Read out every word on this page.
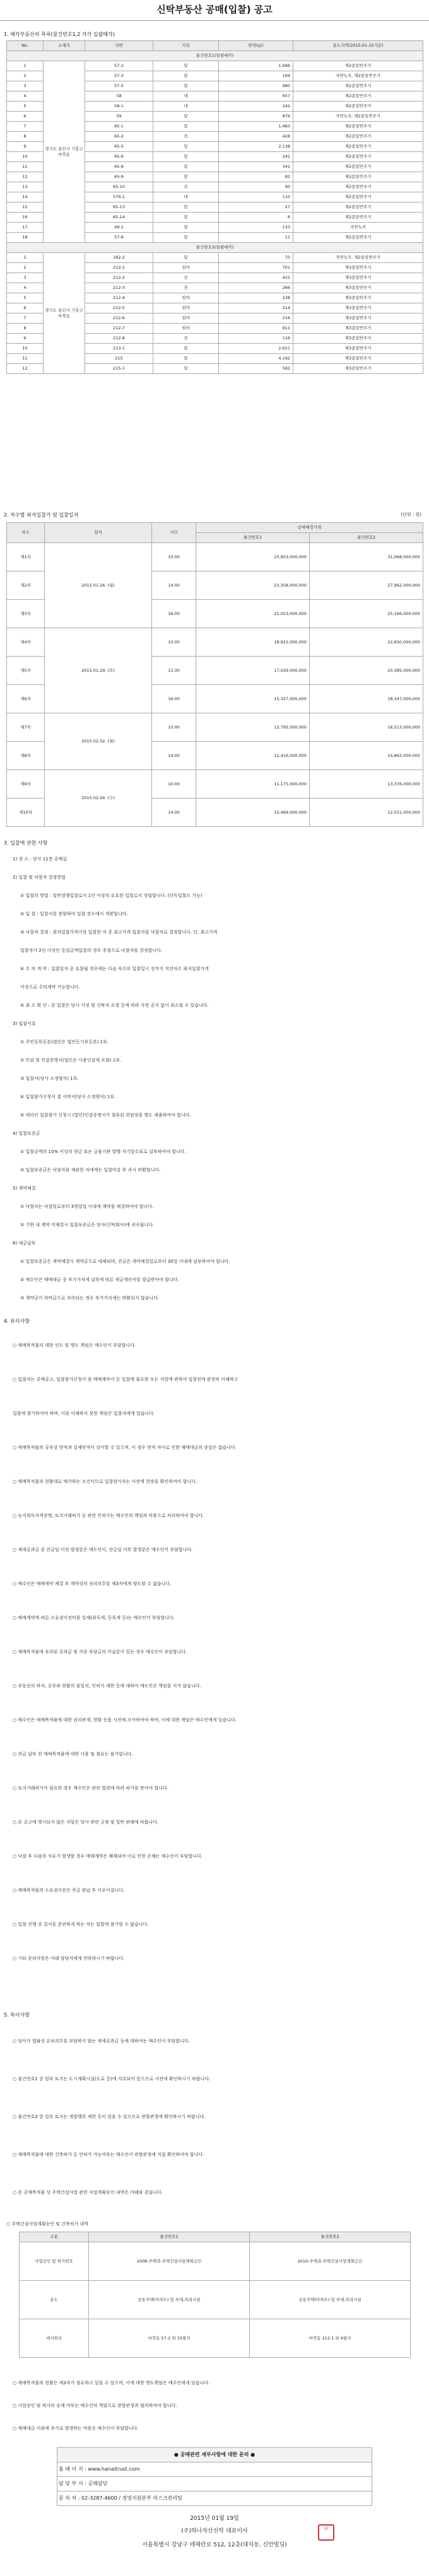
신탁부동산 공매(입찰) 공고
1. 매각부동산의 목록(물건번호1,2 각각 일괄매각)
No.	소재지	지번	지목	면적(㎡)	용도지역(2015.01.15기준)
물건번호1(일괄매각)					
1	경기도 용인시 기흥구 마북동	57-2	답	1,696	제2종일반주거
2		57-3	답	194	자연녹지, 제2종일반주거
3		57-5	답	980	제2종일반주거
4		58	대	657	제2종일반주거
5		58-1	대	242	제2종일반주거
6		59	답	876	자연녹지, 제2종일반주거
7		65-1	답	1,483	제2종일반주거
8		65-2	전	428	제2종일반주거
9		65-5	답	2,138	제2종일반주거
10		65-6	답	241	제2종일반주거
11		65-8	답	341	제2종일반주거
12		65-9	답	82	제2종일반주거
13		65-10	전	90	제2종일반주거
14		576-1	대	110	제2종일반주거
15		65-13	답	27	제2종일반주거
16		65-14	답	8	제2종일반주거
17		49-1	답	133	자연녹지
18		57-6	답	11	제2종일반주거
물건번호2(일괄매각)					
1	경기도 용인시 기흥구 마북동	182-2	답	70	자연녹지, 제2종일반주거
2		212-1	임야	701	제3종일반주거
3		212-2	전	415	제3종일반주거
4		212-3	전	266	제3종일반주거
5		212-4	임야	238	제3종일반주거
6		212-5	임야	314	제3종일반주거
7		212-6	임야	216	제3종일반주거
8		212-7	임야	911	제3종일반주거
9		212-8	전	116	제3종일반주거
10		213-1	답	2,621	제3종일반주거
11		215	답	4,192	제3종일반주거
12		215-1	답	582	제3종일반주거
2. 차수별 최저입찰가 및 입찰일자	(단위 : 원)
차수	일자	시간	공매예정가격	
			물건번호1	물건번호2
제1차	2015.01.26. (월)	10:00	25,953,000,000	31,068,000,000
제2차		14:00	23,358,000,000	27,962,000,000
제3차		16:00	21,023,000,000	25,166,000,000
제4차	2015.01.29. (목)	10:00	18,921,000,000	22,650,000,000
제5차		13:30	17,029,000,000	20,385,000,000
제6차		16:00	15,327,000,000	18,347,000,000
제7차	2015.02.02. (월)	10:00	13,795,000,000	16,513,000,000
제8차		14:00	12,416,000,000	14,862,000,000
제9차	2015.02.04. (수)	10:00	11,175,000,000	13,376,000,000
제10차		14:00	10,469,000,000	12,531,000,000
3. 입찰에 관한 사항

1) 장 소 : 당사 11층 공매실

2) 입찰 및 낙찰자 결정방법

① 입찰의 방법 : 일반경쟁입찰로서 1인 이상의 유효한 입찰로서 성립합니다. (단독입찰도 가능)

② 입 찰 : 입찰서를 봉함하여 입찰 장소에서 개봉합니다.

③ 낙찰자 결정 : 최저입찰가격이상 입찰한 자 중 최고가격 입찰자를 낙찰자로 결정합니다. 단, 최고가격

입찰자가 2인 이상인 동일금액입찰의 경우 추첨으로 낙찰자를 결정합니다.

④ 수 의 계 약 : 입찰일자 중 유찰될 경우에는 다음 차수의 입찰일시 전까지 직전차수 최저입찰가격

이상으로 수의계약 가능합니다.

⑤ 최 소 확 인 : 본 입찰은 당사 사정 및 신탁자 요청 등에 따라 사전 공지 없이 취소될 수 있습니다.

3) 입찰서류

① 주민등록등본(법인은 법인등기부등본) 1부.

② 인감 및 인감증명서(법인은 사용인감계 포함) 1부.

③ 입찰서(당사 소정양식) 1부.

④ 입찰참가신청서 겸 서약서(당사 소정양식) 1부.

⑤ 대리인 입찰참가 신청시 (법인)인감증명서가 첨부된 위임장을 별도 제출하여야 합니다.

4) 입찰보증금

① 입찰금액의 10% 이상의 현금 또는 금융기관 발행 자기앞수표로 납부하여야 합니다.

② 입찰보증금은 낙찰자를 제외한 자에게는 입찰마감 후 즉시 반환합니다.

5) 계약체결

① 낙찰자는 낙찰일로부터 3영업일 이내에 계약을 체결하여야 합니다.

② 기한 내 계약 미체결시 입찰보증금은 당사(신탁회사)에 귀속됩니다.

6) 대금납부

① 입찰보증금은 계약체결시 계약금으로 대체되며, 잔금은 계약체결일로부터 30일 이내에 납부하여야 합니다.

② 매수인은 매매대금 중 부가가치세 납부에 따른 세금계산서를 발급받아야 합니다.

③ 계약금이 위약금으로 귀속되는 경우 부가가치세는 반환되지 않습니다.

4. 유의사항

○ 매매목적물의 대한 인도 및 명도 책임은 매수인이 부담합니다.

○ 입찰자는 공매공고, 입찰참가신청서 및 매매계약서 등 입찰에 필요한 모든 사항에 관하여 입찰전에 완전히 이해하고

입찰에 참가하여야 하며, 이를 이해하지 못한 책임은 입찰자에게 있습니다.

○ 매매목적물의 공부상 면적과 실제면적이 상이할 수 있으며, 이 경우 면적 차이로 인한 매매대금의 증감은 없습니다.

○ 매매목적물의 현황대로 매각하는 조건이므로 입찰참가자는 사전에 현장을 확인하여야 합니다.

○ 농지취득자격증명, 토지거래허가 등 관련 인허가는 매수인의 책임과 비용으로 처리하여야 합니다.

○ 제세공과금 중 잔금일 이전 발생분은 매도인이, 잔금일 이후 발생분은 매수인이 부담합니다.

○ 매수인은 매매계약 체결 후 계약상의 권리의무를 제3자에게 양도할 수 없습니다.

○ 매매계약에 따른 소유권이전비용 일체(취득세, 등록세 등)는 매수인이 부담합니다.

○ 매매목적물에 부과된 공과금 및 각종 부담금의 미납분이 있는 경우 매수인이 부담합니다.

○ 부동산의 하자, 공부와 현황의 불일치, 인허가 제한 등에 대하여 매도인은 책임을 지지 않습니다.

○ 매수인은 매매목적물에 대한 권리관계, 현황 등을 사전에 조사하여야 하며, 이에 대한 책임은 매수인에게 있습니다.

○ 잔금 납부 전 매매목적물에 대한 사용 및 점유는 불가합니다.

○ 토지거래허가가 필요한 경우 매수인은 관련 법령에 따라 허가를 받아야 합니다.

○ 본 공고에 명시되지 않은 사항은 당사 관련 규정 및 일반 관례에 따릅니다.

○ 낙찰 후 다음의 사유가 발생할 경우 매매계약은 해제되며 이로 인한 손해는 매수인이 부담합니다.

○ 매매목적물의 소유권이전은 잔금 완납 후 이루어집니다.

○ 입찰 진행 중 질서를 문란하게 하는 자는 입찰에 참가할 수 없습니다.

○ 기타 문의사항은 아래 담당자에게 연락하시기 바랍니다.

5. 특이사항

○ 당사가 법률상 유보의무를 부담하지 않는 제세공과금 등에 대하여는 매수인이 부담합니다.

○ 물건번호1 중 일부 토지는 도시계획시설(도로 등)에 저촉되어 있으므로 사전에 확인하시기 바랍니다.

○ 물건번호2 중 일부 토지는 개발행위 제한 등이 있을 수 있으므로 관할관청에 확인하시기 바랍니다.

○ 매매목적물에 대한 건축허가 등 인허가 가능여부는 매수인이 관할관청에 직접 확인하여야 합니다.

○ 본 공매목적물 상 주택건설사업 관련 사업계획승인 내역은 아래와 같습니다.

○ 주택건설사업계획승인 및 건축허가 내역

구분	물건번호1	물건번호2
사업승인 및 허가번호	2008-주택과-주택건설사업계획승인	2010-주택과-주택건설사업계획승인
용도	공동주택(아파트) 및 부대,복리시설	공동주택(아파트) 및 부대,복리시설
대지위치	마북동 57-2 외 15필지	마북동 212-1 외 9필지

○ 매매목적물의 현황은 제3자가 점유하고 있을 수 있으며, 이에 대한 명도책임은 매수인에게 있습니다.

○ 사업승인 및 허가의 승계 여부는 매수인의 책임으로 관할관청과 협의하여야 합니다.

○ 매매대금 이외에 추가로 발생하는 비용은 매수인이 부담합니다.

● 공매관련 세부사항에 대한 문의 ●
홈 페 이 지 : www.hanaitrust.com
담 당 부 서 : 공매담당
문 의 처 : 02-3287-4600 / 경영지원본부 리스크관리팀
2015년 01월 19일
(주)하나자산신탁 대표이사	印
서울특별시 강남구 테헤란로 512, 12층(대치동, 신안빌딩)
